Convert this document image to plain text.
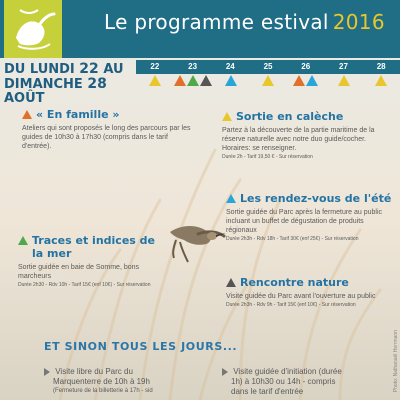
Le programme estival 2016
DU LUNDI 22 AU
DIMANCHE 28 AOÛT
22	23	24	25	26	27	28
« En famille »
Ateliers qui sont proposés le long des parcours par les guides de 10h30 à 17h30 (compris dans le tarif d'entrée).
Sortie en calèche
Partez à la découverte de la partie maritime de la réserve naturelle avec notre duo guide/cocher. Horaires: se renseigner.
Durée 2h - Tarif 19,50 € - Sur réservation
Les rendez-vous de l'été
Sortie guidée du Parc après la fermeture au public incluant un buffet de dégustation de produits régionaux
Durée 2h3h - Rdv 18h - Tarif 30€ (enf 25€) - Sur réservation
Traces et indices de la mer
Sortie guidée en baie de Somme, bons marcheurs
Durée 2h30 - Rdv 10h - Tarif 15€ (enf 10€) - Sur réservation	Rencontre nature
Visite guidée du Parc avant l'ouverture au public
Durée 2h3h - Rdv 9h - Tarif 15€ (enf 10€) - Sur réservation
ET SINON TOUS LES JOURS...
Visite libre du Parc du
Marquenterre de 10h à 19h
(Fermeture de la billetterie à 17h - sid
Visite guidée d'initiation (durée
1h) à 10h30 ou 14h - compris
dans le tarif d'entrée	Photo: Nathanaël Herrmann
